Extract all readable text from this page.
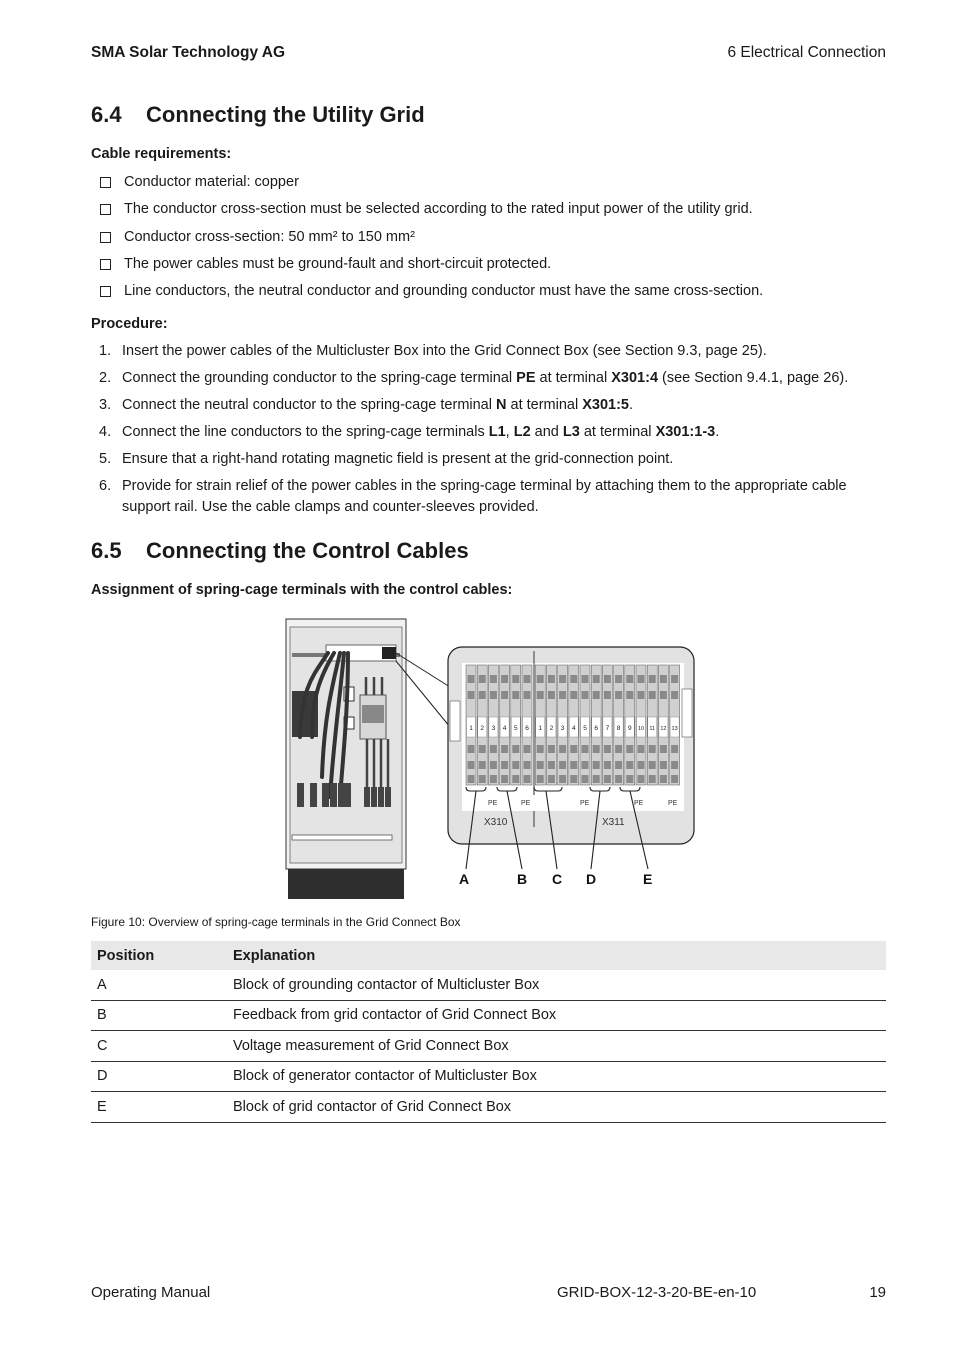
SMA Solar Technology AG	6 Electrical Connection
6.4 Connecting the Utility Grid
Cable requirements:
Conductor material: copper
The conductor cross-section must be selected according to the rated input power of the utility grid.
Conductor cross-section: 50 mm² to 150 mm²
The power cables must be ground-fault and short-circuit protected.
Line conductors, the neutral conductor and grounding conductor must have the same cross-section.
Procedure:
1. Insert the power cables of the Multicluster Box into the Grid Connect Box (see Section 9.3, page 25).
2. Connect the grounding conductor to the spring-cage terminal PE at terminal X301:4 (see Section 9.4.1, page 26).
3. Connect the neutral conductor to the spring-cage terminal N at terminal X301:5.
4. Connect the line conductors to the spring-cage terminals L1, L2 and L3 at terminal X301:1-3.
5. Ensure that a right-hand rotating magnetic field is present at the grid-connection point.
6. Provide for strain relief of the power cables in the spring-cage terminal by attaching them to the appropriate cable support rail. Use the cable clamps and counter-sleeves provided.
6.5 Connecting the Control Cables
Assignment of spring-cage terminals with the control cables:
1 2 3 4 5 6 1 2 3 4 5 6 7 8 9 10 11 12 13
PE	PE	PE	PE	PE
X310	X311
A	B C D	E
Figure 10: Overview of spring-cage terminals in the Grid Connect Box
Position	Explanation
A	Block of grounding contactor of Multicluster Box
B	Feedback from grid contactor of Grid Connect Box
C	Voltage measurement of Grid Connect Box
D	Block of generator contactor of Multicluster Box
E	Block of grid contactor of Grid Connect Box
Operating Manual	GRID-BOX-12-3-20-BE-en-10	19
